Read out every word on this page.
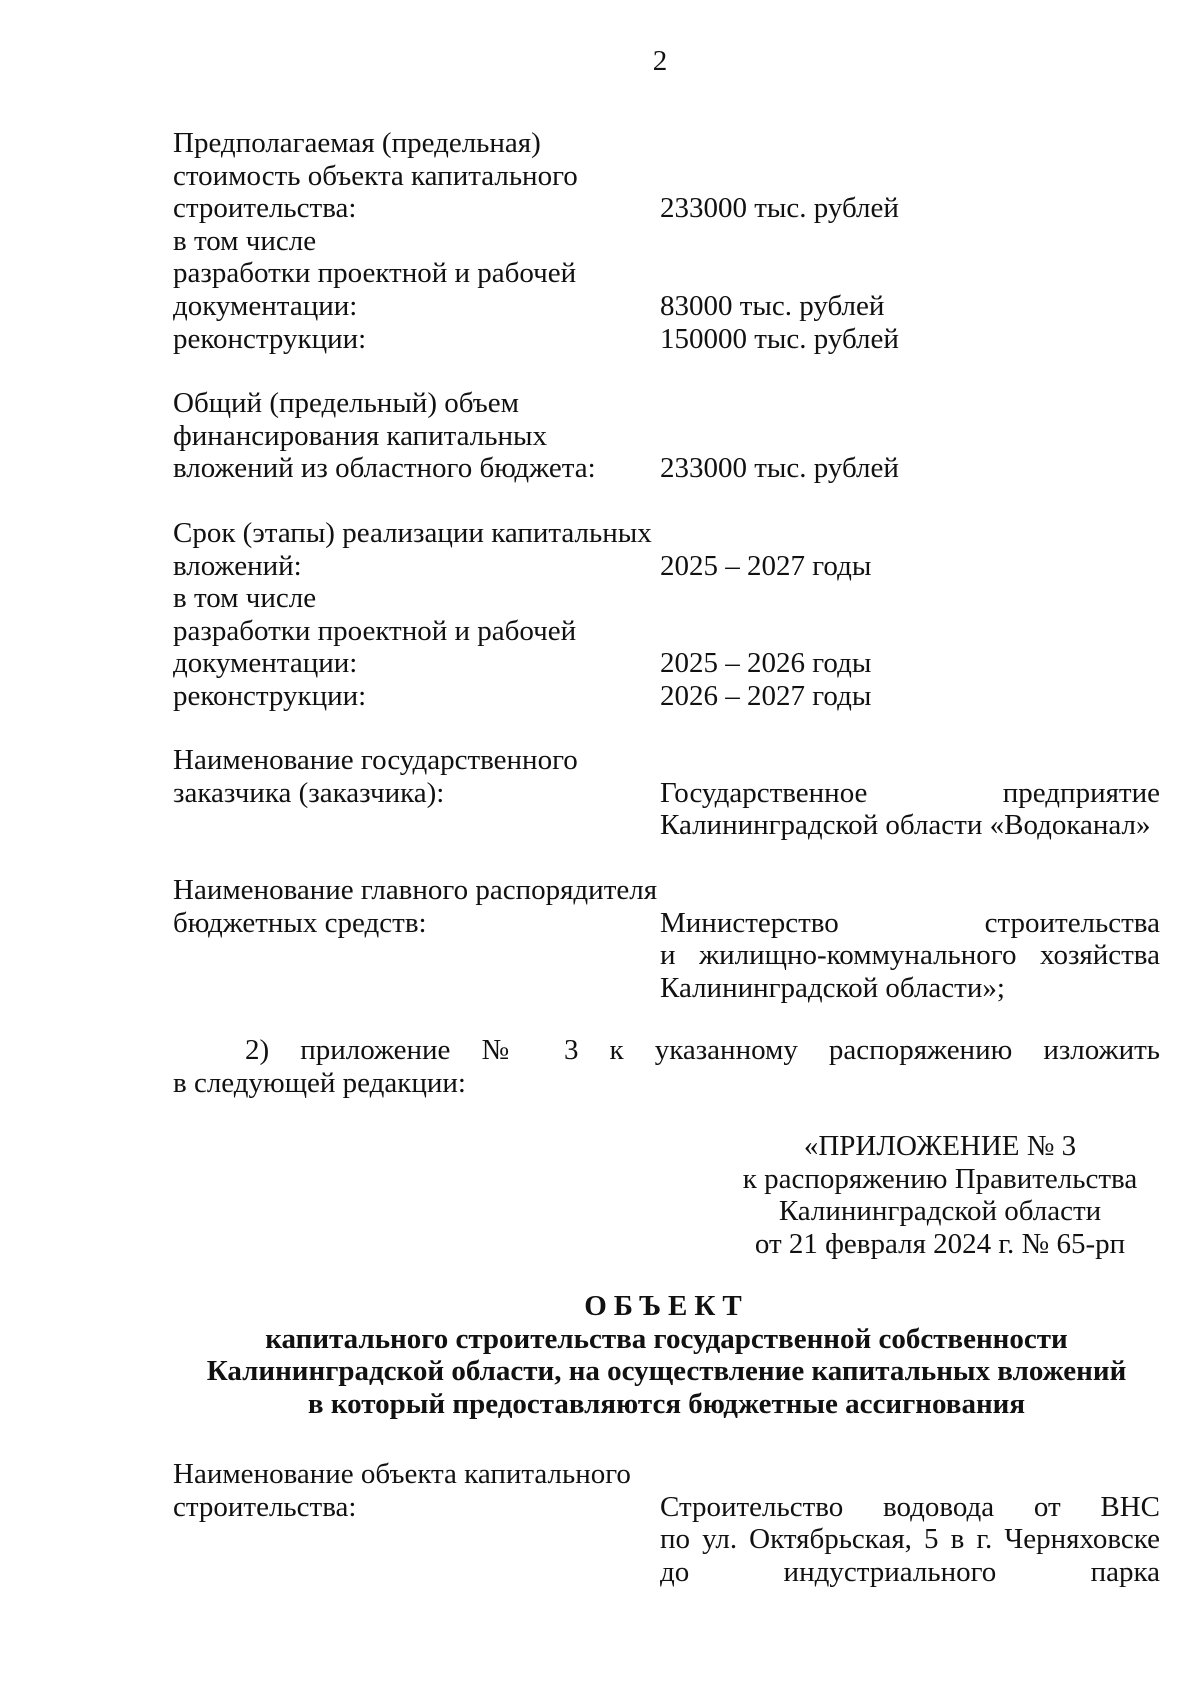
2
Предполагаемая (предельная)
стоимость объекта капитального
строительства:	233000 тыс. рублей
в том числе
разработки проектной и рабочей
документации:	83000 тыс. рублей
реконструкции:	150000 тыс. рублей
Общий (предельный) объем
финансирования капитальных
вложений из областного бюджета:	233000 тыс. рублей
Срок (этапы) реализации капитальных
вложений:	2025 – 2027 годы
в том числе
разработки проектной и рабочей
документации:	2025 – 2026 годы
реконструкции:	2026 – 2027 годы
Наименование государственного
заказчика (заказчика):	Государственное предприятие
Калининградской области «Водоканал»
Наименование главного распорядителя
бюджетных средств:	Министерство строительства
и жилищно-коммунального хозяйства
Калининградской области»;
2) приложение № 3 к указанному распоряжению изложить
в следующей редакции:
«ПРИЛОЖЕНИЕ № 3
к распоряжению Правительства
Калининградской области
от 21 февраля 2024 г. № 65-рп
ОБЪЕКТ
капитального строительства государственной собственности
Калининградской области, на осуществление капитальных вложений
в который предоставляются бюджетные ассигнования
Наименование объекта капитального
строительства:	Строительство водовода от ВНС
по ул. Октябрьская, 5 в г. Черняховске
до индустриального парка
